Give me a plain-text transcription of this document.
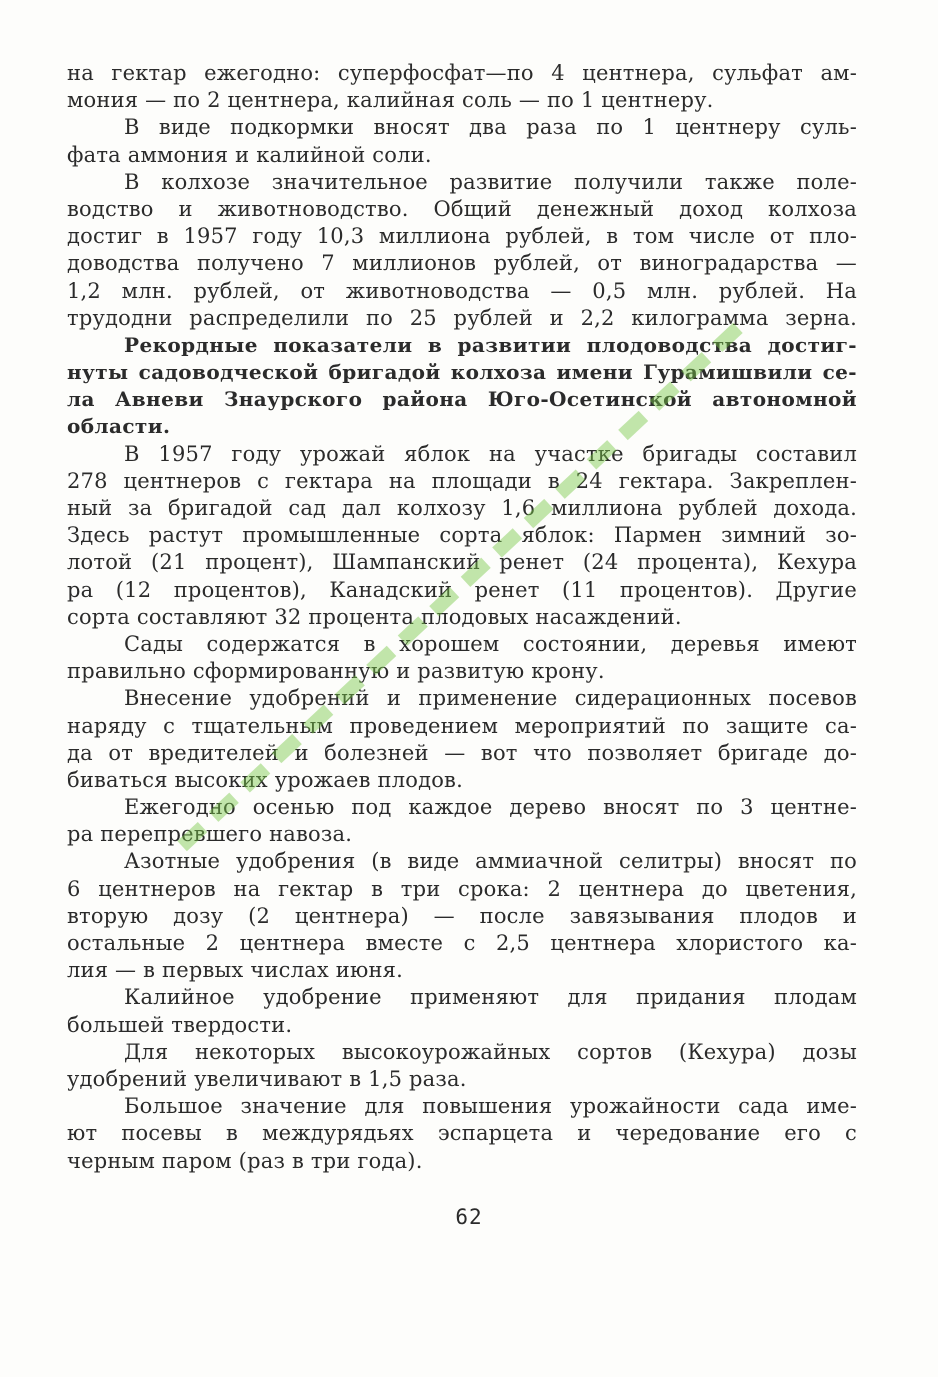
на гектар ежегодно: суперфосфат—по 4 центнера, сульфат ам-
мония — по 2 центнера, калийная соль — по 1 центнеру.
В виде подкормки вносят два раза по 1 центнеру суль-
фата аммония и калийной соли.
В колхозе значительное развитие получили также поле-
водство и животноводство. Общий денежный доход колхоза
достиг в 1957 году 10,3 миллиона рублей, в том числе от пло-
доводства получено 7 миллионов рублей, от виноградарства —
1,2 млн. рублей, от животноводства — 0,5 млн. рублей. На
трудодни распределили по 25 рублей и 2,2 килограмма зерна.
Рекордные показатели в развитии плодоводства достиг-
нуты садоводческой бригадой колхоза имени Гурамишвили се-
ла Авневи Знаурского района Юго-Осетинской автономной
области.
В 1957 году урожай яблок на участке бригады составил
278 центнеров с гектара на площади в 24 гектара. Закреплен-
ный за бригадой сад дал колхозу 1,6 миллиона рублей дохода.
Здесь растут промышленные сорта яблок: Пармен зимний зо-
лотой (21 процент), Шампанский ренет (24 процента), Кехура
ра (12 процентов), Канадский ренет (11 процентов). Другие
сорта составляют 32 процента плодовых насаждений.
Сады содержатся в хорошем состоянии, деревья имеют
правильно сформированную и развитую крону.
Внесение удобрений и применение сидерационных посевов
наряду с тщательным проведением мероприятий по защите са-
да от вредителей и болезней — вот что позволяет бригаде до-
биваться высоких урожаев плодов.
Ежегодно осенью под каждое дерево вносят по 3 центне-
ра перепревшего навоза.
Азотные удобрения (в виде аммиачной селитры) вносят по
6 центнеров на гектар в три срока: 2 центнера до цветения,
вторую дозу (2 центнера) — после завязывания плодов и
остальные 2 центнера вместе с 2,5 центнера хлористого ка-
лия — в первых числах июня.
Калийное удобрение применяют для придания плодам
большей твердости.
Для некоторых высокоурожайных сортов (Кехура) дозы
удобрений увеличивают в 1,5 раза.
Большое значение для повышения урожайности сада име-
ют посевы в междурядьях эспарцета и чередование его с
черным паром (раз в три года).
62
